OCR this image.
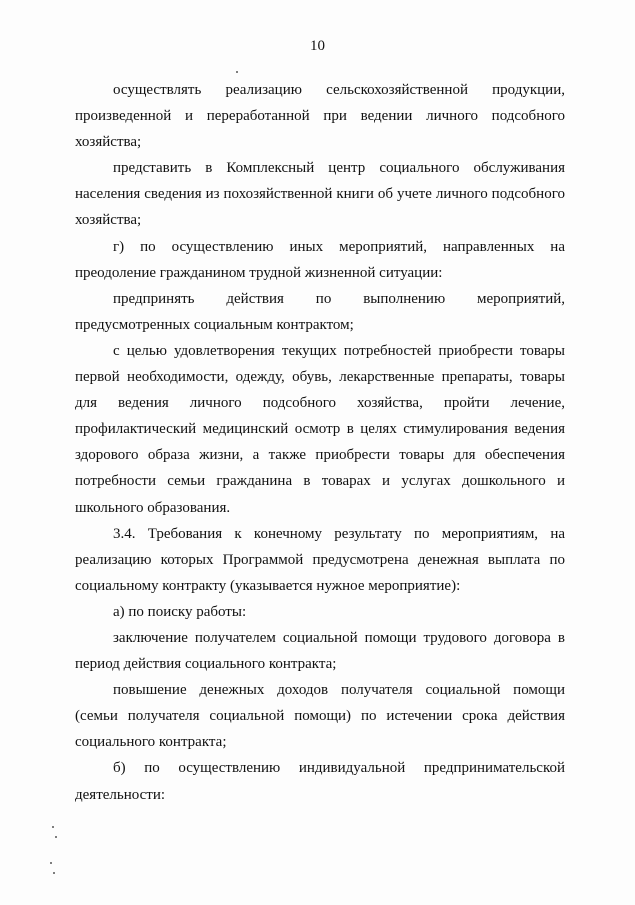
10

осуществлять реализацию сельскохозяйственной продукции, произведенной и переработанной при ведении личного подсобного хозяйства;

представить в Комплексный центр социального обслуживания населения сведения из похозяйственной книги об учете личного подсобного хозяйства;

г) по осуществлению иных мероприятий, направленных на преодоление гражданином трудной жизненной ситуации:

предпринять действия по выполнению мероприятий, предусмотренных социальным контрактом;

с целью удовлетворения текущих потребностей приобрести товары первой необходимости, одежду, обувь, лекарственные препараты, товары для ведения личного подсобного хозяйства, пройти лечение, профилактический медицинский осмотр в целях стимулирования ведения здорового образа жизни, а также приобрести товары для обеспечения потребности семьи гражданина в товарах и услугах дошкольного и школьного образования.

3.4. Требования к конечному результату по мероприятиям, на реализацию которых Программой предусмотрена денежная выплата по социальному контракту (указывается нужное мероприятие):

а) по поиску работы:

заключение получателем социальной помощи трудового договора в период действия социального контракта;

повышение денежных доходов получателя социальной помощи (семьи получателя социальной помощи) по истечении срока действия социального контракта;

б) по осуществлению индивидуальной предпринимательской деятельности:
